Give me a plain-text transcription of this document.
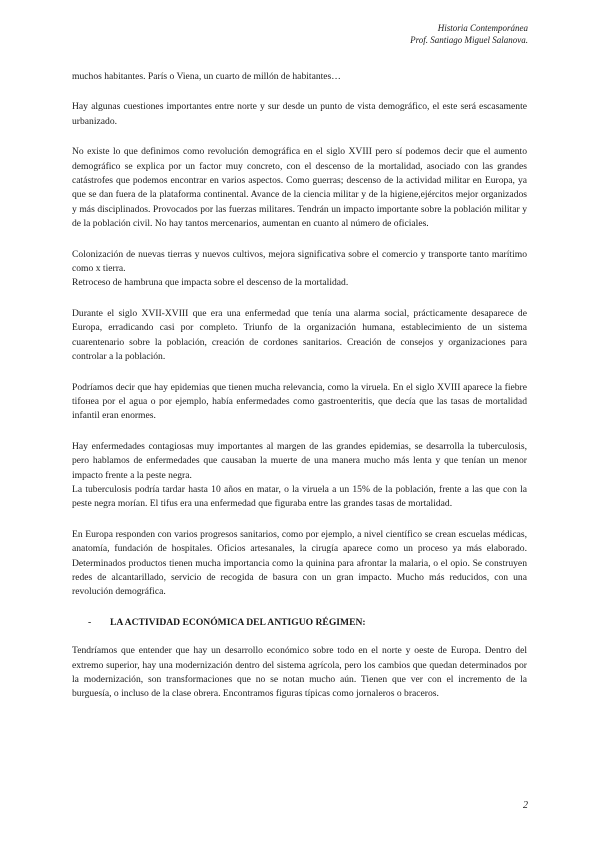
Historia Contemporánea
Prof. Santiago Miguel Salanova.

muchos habitantes. París o Viena, un cuarto de millón de habitantes…

Hay algunas cuestiones importantes entre norte y sur desde un punto de vista demográfico, el este será escasamente urbanizado.

No existe lo que definimos como revolución demográfica en el siglo XVIII pero sí podemos decir que el aumento demográfico se explica por un factor muy concreto, con el descenso de la mortalidad, asociado con las grandes catástrofes que podemos encontrar en varios aspectos. Como guerras; descenso de la actividad militar en Europa, ya que se dan fuera de la plataforma continental. Avance de la ciencia militar y de la higiene,ejércitos mejor organizados y más disciplinados. Provocados por las fuerzas militares. Tendrán un impacto importante sobre la población militar y de la población civil. No hay tantos mercenarios, aumentan en cuanto al número de oficiales.

Colonización de nuevas tierras y nuevos cultivos, mejora significativa sobre el comercio y transporte tanto marítimo como x tierra.

Retroceso de hambruna que impacta sobre el descenso de la mortalidad.

Durante el siglo XVII-XVIII que era una enfermedad que tenía una alarma social, prácticamente desaparece de Europa, erradicando casi por completo. Triunfo de la organización humana, establecimiento de un sistema cuarentenario sobre la población, creación de cordones sanitarios. Creación de consejos y organizaciones para controlar a la población.

Podríamos decir que hay epidemias que tienen mucha relevancia, como la viruela. En el siglo XVIII aparece la fiebre tifoнea por el agua o por ejemplo, había enfermedades como gastroenteritis, que decía que las tasas de mortalidad infantil eran enormes.

Hay enfermedades contagiosas muy importantes al margen de las grandes epidemias, se desarrolla la tuberculosis, pero hablamos de enfermedades que causaban la muerte de una manera mucho más lenta y que tenían un menor impacto frente a la peste negra.

La tuberculosis podría tardar hasta 10 años en matar, o la viruela a un 15% de la población, frente a las que con la peste negra morían. El tifus era una enfermedad que figuraba entre las grandes tasas de mortalidad.

En Europa responden con varios progresos sanitarios, como por ejemplo, a nivel científico se crean escuelas médicas, anatomía, fundación de hospitales. Oficios artesanales, la cirugía aparece como un proceso ya más elaborado. Determinados productos tienen mucha importancia como la quinina para afrontar la malaria, o el opio. Se construyen redes de alcantarillado, servicio de recogida de basura con un gran impacto. Mucho más reducidos, con una revolución demográfica.

-	LA ACTIVIDAD ECONÓMICA DEL ANTIGUO RÉGIMEN:

Tendríamos que entender que hay un desarrollo económico sobre todo en el norte y oeste de Europa. Dentro del extremo superior, hay una modernización dentro del sistema agrícola, pero los cambios que quedan determinados por la modernización, son transformaciones que no se notan mucho aún. Tienen que ver con el incremento de la burguesía, o incluso de la clase obrera. Encontramos figuras típicas como jornaleros o braceros.

2
